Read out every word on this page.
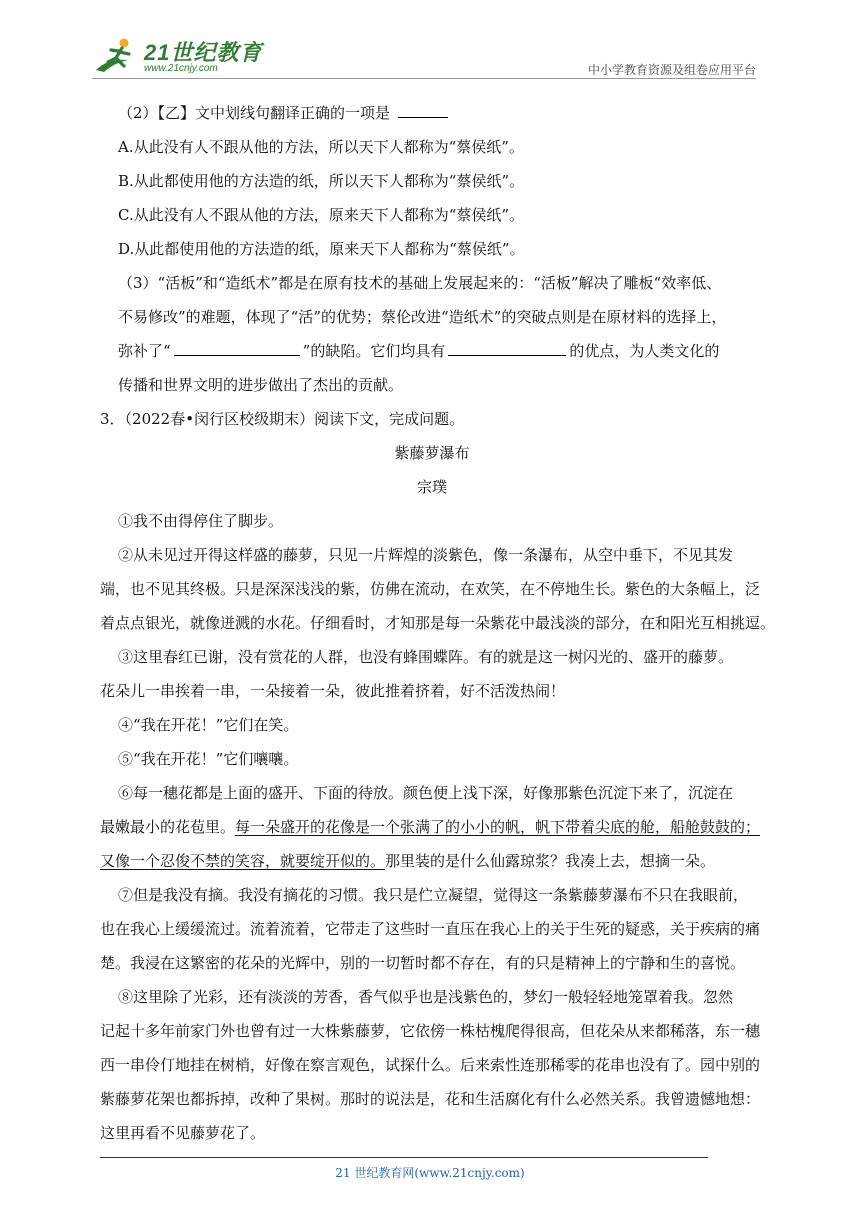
21世纪教育
www.21cnjy.com	中小学教育资源及组卷应用平台
（2）【乙】文中划线句翻译正确的一项是
A.从此没有人不跟从他的方法，所以天下人都称为“蔡侯纸”。
B.从此都使用他的方法造的纸，所以天下人都称为“蔡侯纸”。
C.从此没有人不跟从他的方法，原来天下人都称为“蔡侯纸”。
D.从此都使用他的方法造的纸，原来天下人都称为“蔡侯纸”。
（3）“活板”和“造纸术”都是在原有技术的基础上发展起来的：“活板”解决了雕板“效率低、
不易修改”的难题，体现了“活”的优势；蔡伦改进“造纸术”的突破点则是在原材料的选择上，
弥补了“	”的缺陷。它们均具有	的优点，为人类文化的
传播和世界文明的进步做出了杰出的贡献。
3．（2022春•闵行区校级期末）阅读下文，完成问题。
紫藤萝瀑布
宗璞
①我不由得停住了脚步。
②从未见过开得这样盛的藤萝，只见一片辉煌的淡紫色，像一条瀑布，从空中垂下，不见其发
端，也不见其终极。只是深深浅浅的紫，仿佛在流动，在欢笑，在不停地生长。紫色的大条幅上，泛
着点点银光，就像迸溅的水花。仔细看时，才知那是每一朵紫花中最浅淡的部分，在和阳光互相挑逗。
③这里春红已谢，没有赏花的人群，也没有蜂围蝶阵。有的就是这一树闪光的、盛开的藤萝。
花朵儿一串挨着一串，一朵接着一朵，彼此推着挤着，好不活泼热闹！
④“我在开花！”它们在笑。
⑤“我在开花！”它们嚷嚷。
⑥每一穗花都是上面的盛开、下面的待放。颜色便上浅下深，好像那紫色沉淀下来了，沉淀在
最嫩最小的花苞里。每一朵盛开的花像是一个张满了的小小的帆，帆下带着尖底的舱，船舱鼓鼓的；
又像一个忍俊不禁的笑容，就要绽开似的。那里装的是什么仙露琼浆？我凑上去，想摘一朵。
⑦但是我没有摘。我没有摘花的习惯。我只是伫立凝望，觉得这一条紫藤萝瀑布不只在我眼前，
也在我心上缓缓流过。流着流着，它带走了这些时一直压在我心上的关于生死的疑惑，关于疾病的痛
楚。我浸在这繁密的花朵的光辉中，别的一切暂时都不存在，有的只是精神上的宁静和生的喜悦。
⑧这里除了光彩，还有淡淡的芳香，香气似乎也是浅紫色的，梦幻一般轻轻地笼罩着我。忽然
记起十多年前家门外也曾有过一大株紫藤萝，它依傍一株枯槐爬得很高，但花朵从来都稀落，东一穗
西一串伶仃地挂在树梢，好像在察言观色，试探什么。后来索性连那稀零的花串也没有了。园中别的
紫藤萝花架也都拆掉，改种了果树。那时的说法是，花和生活腐化有什么必然关系。我曾遗憾地想：
这里再看不见藤萝花了。
21 世纪教育网(www.21cnjy.com)
